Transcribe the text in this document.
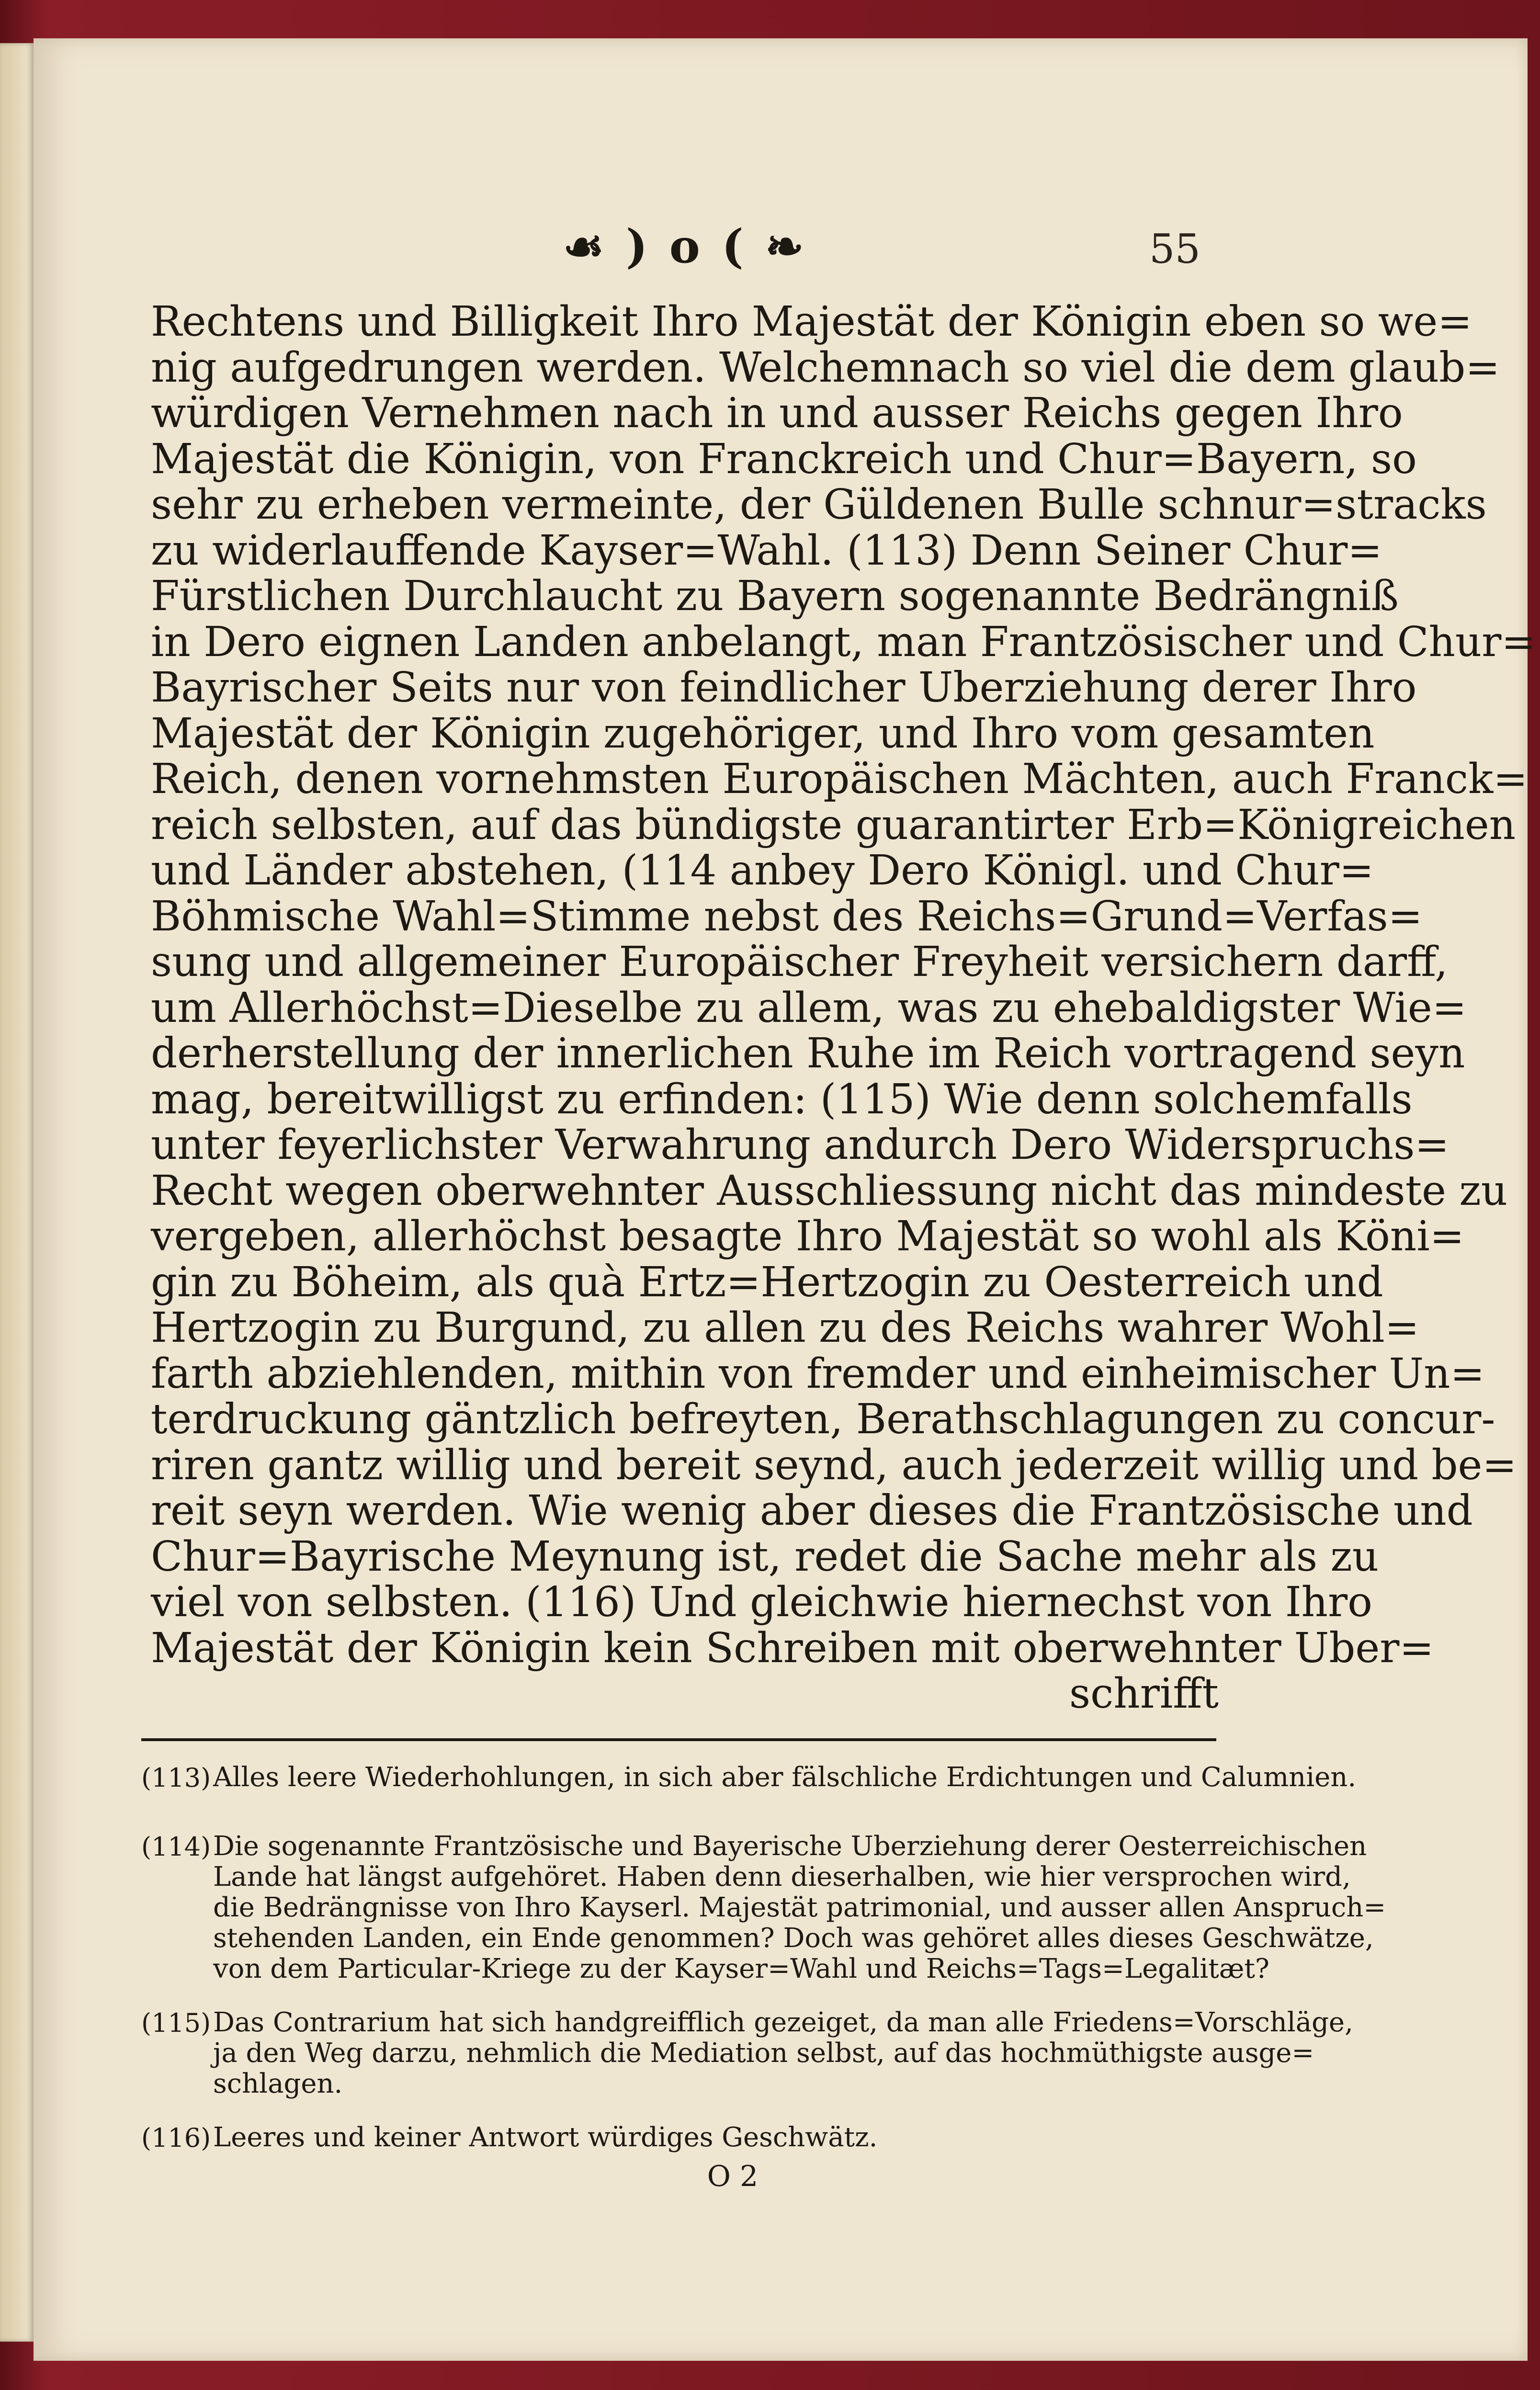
☙ ) o ( ❧	55
Rechtens und Billigkeit Ihro Majestät der Königin eben so we=
nig aufgedrungen werden. Welchemnach so viel die dem glaub=
würdigen Vernehmen nach in und ausser Reichs gegen Ihro
Majestät die Königin, von Franckreich und Chur=Bayern, so
sehr zu erheben vermeinte, der Güldenen Bulle schnur=stracks
zu widerlauffende Kayser=Wahl. (113) Denn Seiner Chur=
Fürstlichen Durchlaucht zu Bayern sogenannte Bedrängniß
in Dero eignen Landen anbelangt, man Frantzösischer und Chur=
Bayrischer Seits nur von feindlicher Uberziehung derer Ihro
Majestät der Königin zugehöriger, und Ihro vom gesamten
Reich, denen vornehmsten Europäischen Mächten, auch Franck=
reich selbsten, auf das bündigste guarantirter Erb=Königreichen
und Länder abstehen, (114 anbey Dero Königl. und Chur=
Böhmische Wahl=Stimme nebst des Reichs=Grund=Verfas=
sung und allgemeiner Europäischer Freyheit versichern darff,
um Allerhöchst=Dieselbe zu allem, was zu ehebaldigster Wie=
derherstellung der innerlichen Ruhe im Reich vortragend seyn
mag, bereitwilligst zu erfinden: (115) Wie denn solchemfalls
unter feyerlichster Verwahrung andurch Dero Widerspruchs=
Recht wegen oberwehnter Ausschliessung nicht das mindeste zu
vergeben, allerhöchst besagte Ihro Majestät so wohl als Köni=
gin zu Böheim, als quà Ertz=Hertzogin zu Oesterreich und
Hertzogin zu Burgund, zu allen zu des Reichs wahrer Wohl=
farth abziehlenden, mithin von fremder und einheimischer Un=
terdruckung gäntzlich befreyten, Berathschlagungen zu concur-
riren gantz willig und bereit seynd, auch jederzeit willig und be=
reit seyn werden. Wie wenig aber dieses die Frantzösische und
Chur=Bayrische Meynung ist, redet die Sache mehr als zu
viel von selbsten. (116) Und gleichwie hiernechst von Ihro
Majestät der Königin kein Schreiben mit oberwehnter Uber=
schrifft
(113) Alles leere Wiederhohlungen, in sich aber fälschliche Erdichtungen und Calumnien.
(114) Die sogenannte Frantzösische und Bayerische Uberziehung derer Oesterreichischen
Lande hat längst aufgehöret. Haben denn dieserhalben, wie hier versprochen wird,
die Bedrängnisse von Ihro Kayserl. Majestät patrimonial, und ausser allen Anspruch=
stehenden Landen, ein Ende genommen? Doch was gehöret alles dieses Geschwätze,
von dem Particular-Kriege zu der Kayser=Wahl und Reichs=Tags=Legalitæt?
(115) Das Contrarium hat sich handgreifflich gezeiget, da man alle Friedens=Vorschläge,
ja den Weg darzu, nehmlich die Mediation selbst, auf das hochmüthigste ausge=
schlagen.
(116) Leeres und keiner Antwort würdiges Geschwätz.
O 2
